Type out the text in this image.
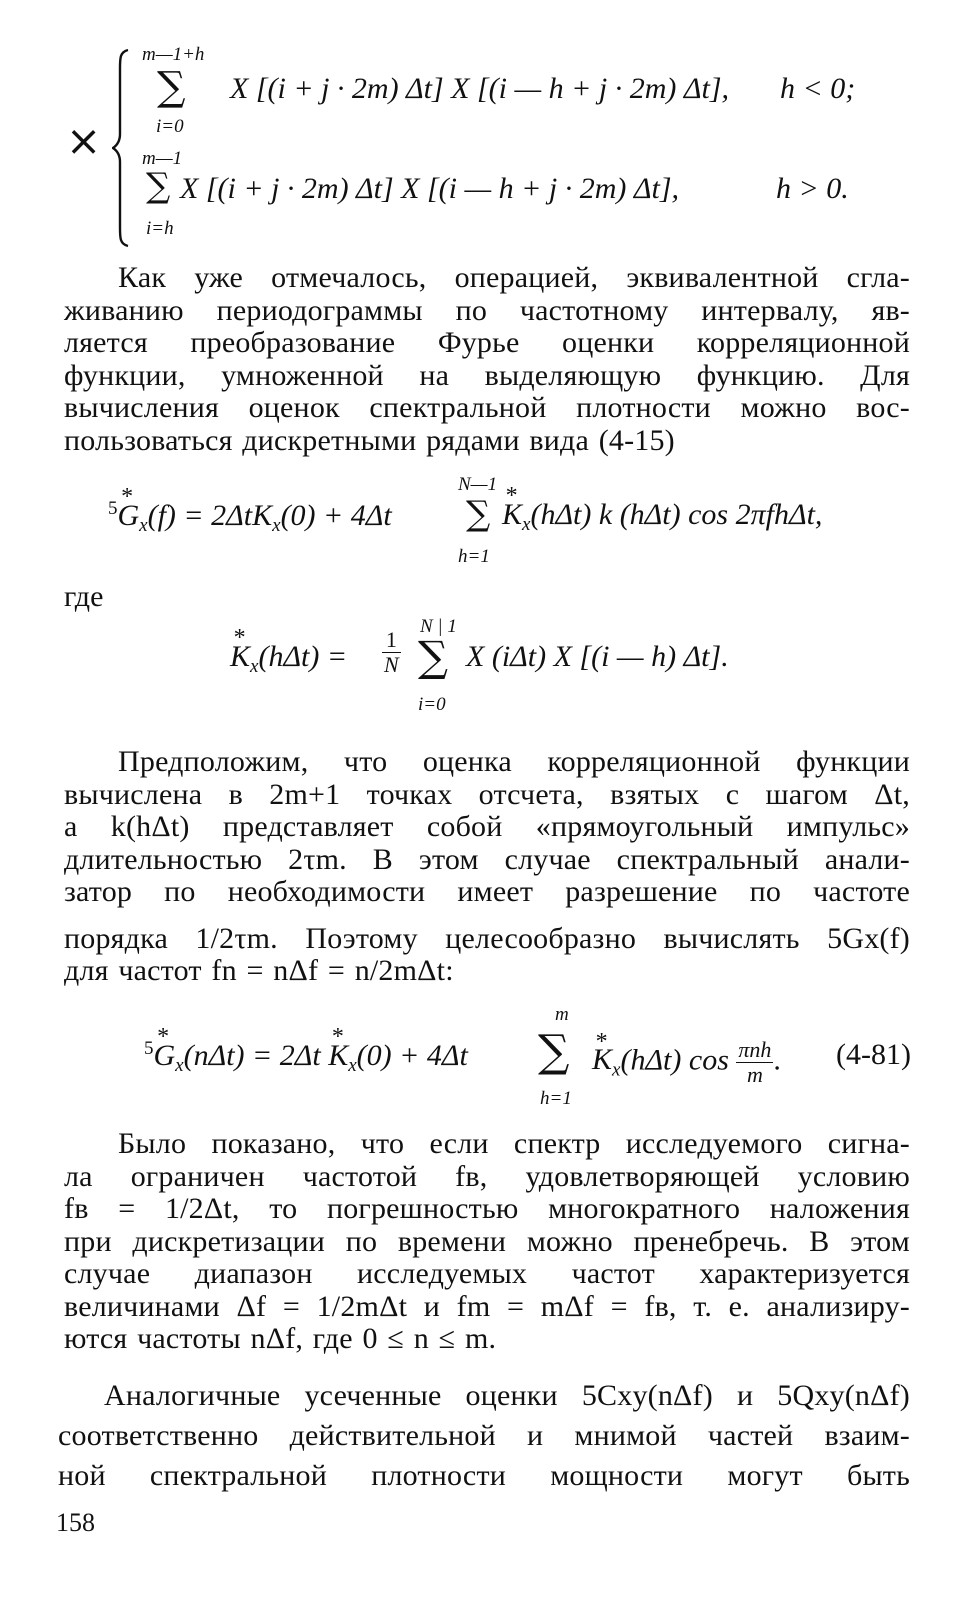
×
m—1+h
∑
i=0
X [(i + j · 2m) Δt] X [(i — h + j · 2m) Δt], h < 0;
m—1
∑
i=h
X [(i + j · 2m) Δt] X [(i — h + j · 2m) Δt],	h > 0.
Как уже отмечалось, операцией, эквивалентной сгла-
живанию периодограммы по частотному интервалу, яв-
ляется преобразование Фурье оценки корреляционной
функции, умноженной на выделяющую функцию. Для
вычисления оценок спектральной плотности можно вос-
пользоваться дискретными рядами вида (4-15)
$^5$* $G_x(f) = 2\Delta tK_x(0) + 4\Delta t$
N—1
∑
h=1
* $K_x(h\Delta t)$ k (hΔt) cos 2πfhΔt,
где
* $K_x(h\Delta t) = \frac{1}{N}$
N | 1
∑
i=0
X (iΔt) X [(i — h) Δt].
Предположим, что оценка корреляционной функции
вычислена в 2m+1 точках отсчета, взятых с шагом Δt,
а k(hΔt) представляет собой «прямоугольный импульс»
длительностью 2τm. В этом случае спектральный анали-
затор по необходимости имеет разрешение по частоте
порядка 1/2τm. Поэтому целесообразно вычислять 5Gx(f)
для частот fn = nΔf = n/2mΔt:
$^5$* $G_x(n\Delta t) = 2\Delta t * K_x(0) + 4\Delta t$
m
∑
h=1
* $K_x(h\Delta t)$ $\cos \frac{\text{πnh}}{m}$ . (4-81)
Было показано, что если спектр исследуемого сигна-
ла ограничен частотой fв, удовлетворяющей условию
fв = 1/2Δt, то погрешностью многократного наложения
при дискретизации по времени можно пренебречь. В этом
случае диапазон исследуемых частот характеризуется
величинами Δf = 1/2mΔt и fm = mΔf = fв, т. е. анализиру-
ются частоты nΔf, где 0 ≤ n ≤ m.
Аналогичные усеченные оценки 5Cxy(nΔf) и 5Qxy(nΔf)
соответственно действительной и мнимой частей взаим-
ной спектральной плотности мощности могут быть
158
